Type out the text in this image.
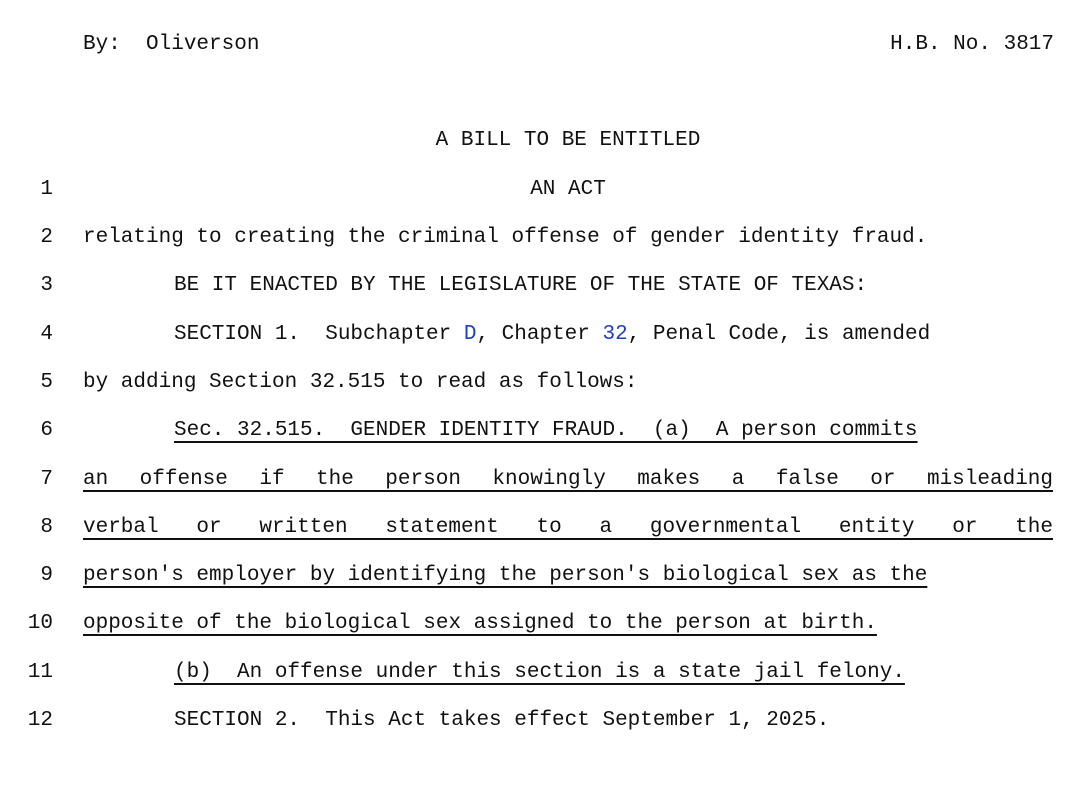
By:  Oliverson	H.B. No. 3817
A BILL TO BE ENTITLED
1	AN ACT
2 relating to creating the criminal offense of gender identity fraud.
3	BE IT ENACTED BY THE LEGISLATURE OF THE STATE OF TEXAS:
4	SECTION 1.  Subchapter D, Chapter 32, Penal Code, is amended
5 by adding Section 32.515 to read as follows:
6	Sec. 32.515.  GENDER IDENTITY FRAUD.  (a)  A person commits
7 an offense if the person knowingly makes a false or misleading
8 verbal or written statement to a governmental entity or the
9 person's employer by identifying the person's biological sex as the
10 opposite of the biological sex assigned to the person at birth.
11	(b)  An offense under this section is a state jail felony.
12	SECTION 2.  This Act takes effect September 1, 2025.
